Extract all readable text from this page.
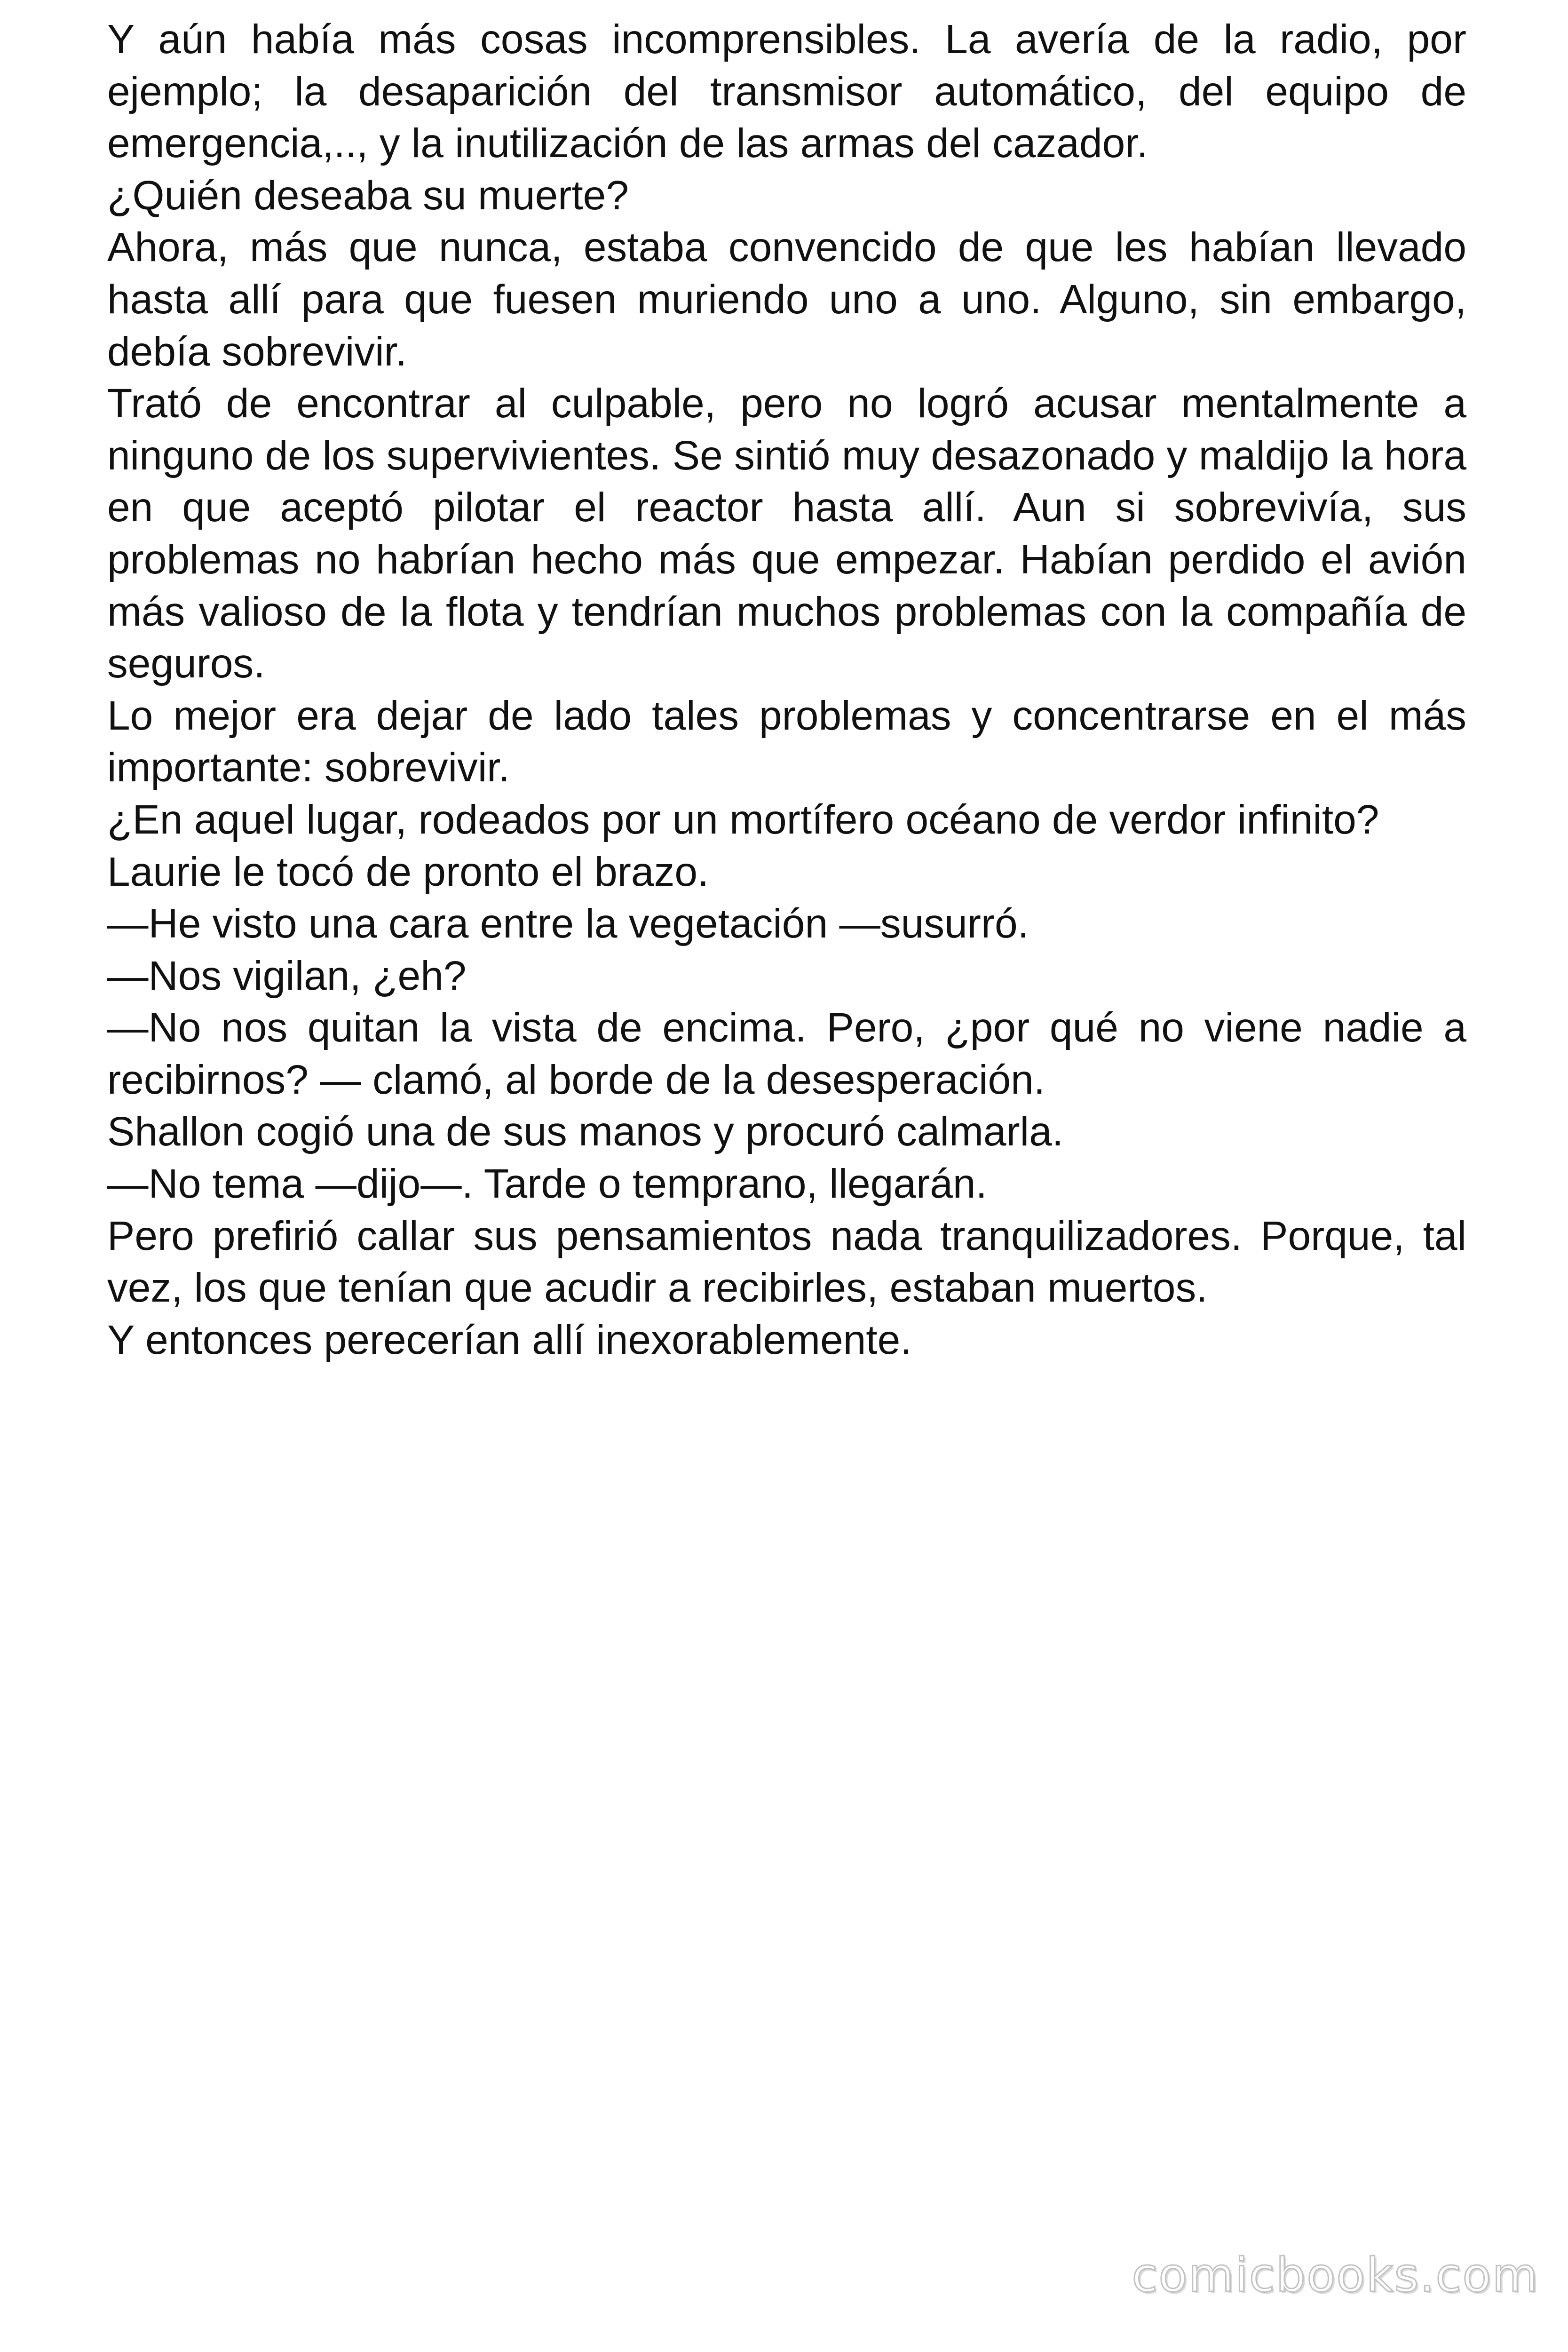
Y aún había más cosas incomprensibles. La avería de la radio, por ejemplo; la desaparición del transmisor automático, del equipo de emergencia,.., y la inutilización de las armas del cazador.

¿Quién deseaba su muerte?

Ahora, más que nunca, estaba convencido de que les habían llevado hasta allí para que fuesen muriendo uno a uno. Alguno, sin embargo, debía sobrevivir.

Trató de encontrar al culpable, pero no logró acusar mentalmente a ninguno de los supervivientes. Se sintió muy desazonado y maldijo la hora en que aceptó pilotar el reactor hasta allí. Aun si sobrevivía, sus problemas no habrían hecho más que empezar. Habían perdido el avión más valioso de la flota y tendrían muchos problemas con la compañía de seguros.

Lo mejor era dejar de lado tales problemas y concentrarse en el más importante: sobrevivir.

¿En aquel lugar, rodeados por un mortífero océano de verdor infinito?

Laurie le tocó de pronto el brazo.

—He visto una cara entre la vegetación —susurró.

—Nos vigilan, ¿eh?

—No nos quitan la vista de encima. Pero, ¿por qué no viene nadie a recibirnos? — clamó, al borde de la desesperación.

Shallon cogió una de sus manos y procuró calmarla.

—No tema —dijo—. Tarde o temprano, llegarán.

Pero prefirió callar sus pensamientos nada tranquilizadores. Porque, tal vez, los que tenían que acudir a recibirles, estaban muertos.

Y entonces perecerían allí inexorablemente.

comicbooks.com
